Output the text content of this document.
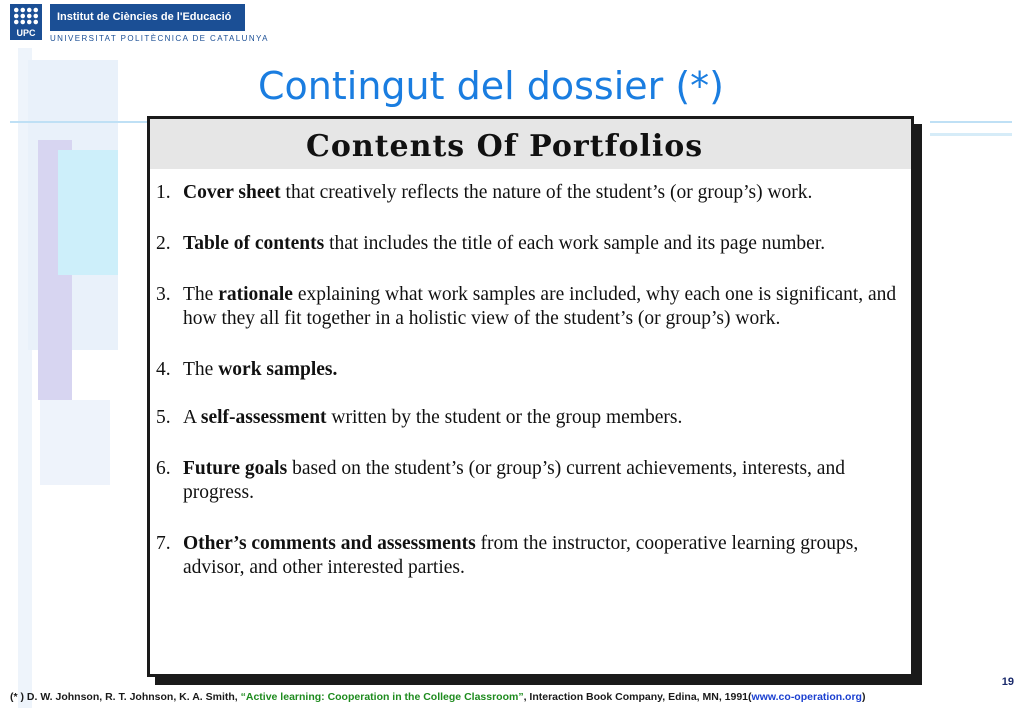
UPC
Institut de Ciències de l'Educació
UNIVERSITAT POLITÈCNICA DE CATALUNYA
Contingut del dossier (*)
Contents Of Portfolios
1. Cover sheet that creatively reflects the nature of the student’s (or group’s) work.
2. Table of contents that includes the title of each work sample and its page number.
3. The rationale explaining what work samples are included, why each one is significant, and how they all fit together in a holistic view of the student’s (or group’s) work.
4. The work samples.
5. A self-assessment written by the student or the group members.
6. Future goals based on the student’s (or group’s) current achievements, interests, and progress.
7. Other’s comments and assessments from the instructor, cooperative learning groups, advisor, and other interested parties.
19
(* ) D. W. Johnson, R. T. Johnson, K. A. Smith, “Active learning: Cooperation in the College Classroom”, Interaction Book Company, Edina, MN, 1991(www.co-operation.org)
